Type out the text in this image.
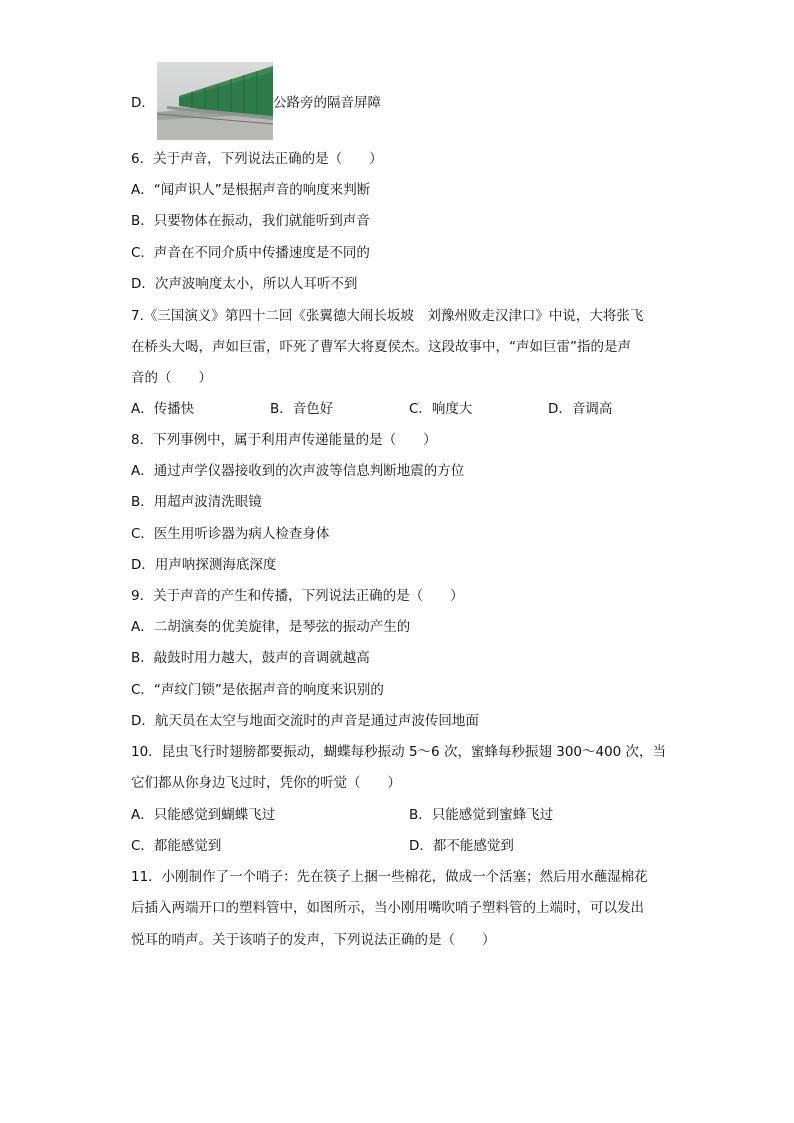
D．	公路旁的隔音屏障
6．关于声音，下列说法正确的是（　　）
A．“闻声识人”是根据声音的响度来判断
B．只要物体在振动，我们就能听到声音
C．声音在不同介质中传播速度是不同的
D．次声波响度太小，所以人耳听不到
7.《三国演义》第四十二回《张翼德大闹长坂坡　刘豫州败走汉津口》中说，大将张飞
在桥头大喝，声如巨雷，吓死了曹军大将夏侯杰。这段故事中，“声如巨雷”指的是声
音的（　　）
A．传播快	B．音色好	C．响度大	D．音调高
8．下列事例中，属于利用声传递能量的是（　　）
A．通过声学仪器接收到的次声波等信息判断地震的方位
B．用超声波清洗眼镜
C．医生用听诊器为病人检查身体
D．用声呐探测海底深度
9．关于声音的产生和传播，下列说法正确的是（　　）
A．二胡演奏的优美旋律，是琴弦的振动产生的
B．敲鼓时用力越大，鼓声的音调就越高
C．“声纹门锁”是依据声音的响度来识别的
D．航天员在太空与地面交流时的声音是通过声波传回地面
10．昆虫飞行时翅膀都要振动，蝴蝶每秒振动 5～6 次，蜜蜂每秒振翅 300～400 次，当
它们都从你身边飞过时，凭你的听觉（　　）
A．只能感觉到蝴蝶飞过	B．只能感觉到蜜蜂飞过
C．都能感觉到	D．都不能感觉到
11．小刚制作了一个哨子：先在筷子上捆一些棉花，做成一个活塞；然后用水蘸湿棉花
后插入两端开口的塑料管中，如图所示，当小刚用嘴吹哨子塑料管的上端时，可以发出
悦耳的哨声。关于该哨子的发声，下列说法正确的是（　　）
